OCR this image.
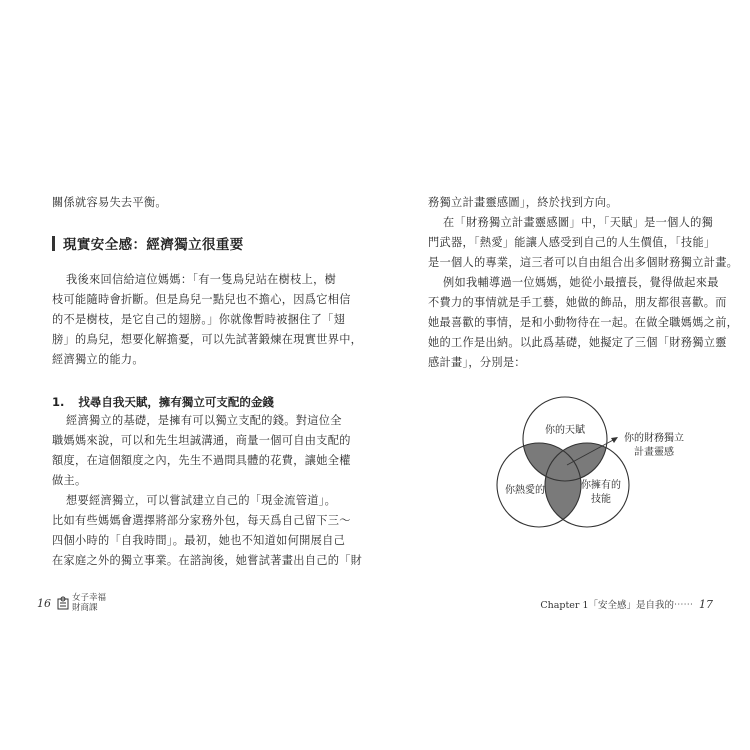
關係就容易失去平衡。
現實安全感：經濟獨立很重要
我後來回信給這位媽媽：「有一隻鳥兒站在樹枝上，樹
枝可能隨時會折斷。但是鳥兒一點兒也不擔心，因爲它相信
的不是樹枝，是它自己的翅膀。」你就像暫時被捆住了「翅
膀」的鳥兒，想要化解擔憂，可以先試著鍛煉在現實世界中，
經濟獨立的能力。
1. 找尋自我天賦，擁有獨立可支配的金錢
經濟獨立的基礎，是擁有可以獨立支配的錢。對這位全
職媽媽來說，可以和先生坦誠溝通，商量一個可自由支配的
額度，在這個額度之內，先生不過問具體的花費，讓她全權
做主。
想要經濟獨立，可以嘗試建立自己的「現金流管道」。
比如有些媽媽會選擇將部分家務外包，每天爲自己留下三～
四個小時的「自我時間」。最初，她也不知道如何開展自己
在家庭之外的獨立事業。在諮詢後，她嘗試著畫出自己的「財
16 女子幸福
財商課
務獨立計畫靈感圖」，終於找到方向。
在「財務獨立計畫靈感圖」中，「天賦」是一個人的獨
門武器，「熱愛」能讓人感受到自己的人生價值，「技能」
是一個人的專業，這三者可以自由組合出多個財務獨立計畫。
例如我輔導過一位媽媽，她從小最擅長，覺得做起來最
不費力的事情就是手工藝，她做的飾品，朋友都很喜歡。而
她最喜歡的事情，是和小動物待在一起。在做全職媽媽之前，
她的工作是出納。以此爲基礎，她擬定了三個「財務獨立靈
感計畫」，分別是：
你的天賦
你熱愛的	你擁有的
技能
你的財務獨立
計畫靈感
Chapter 1「安全感」是自我的⋯⋯ 17
